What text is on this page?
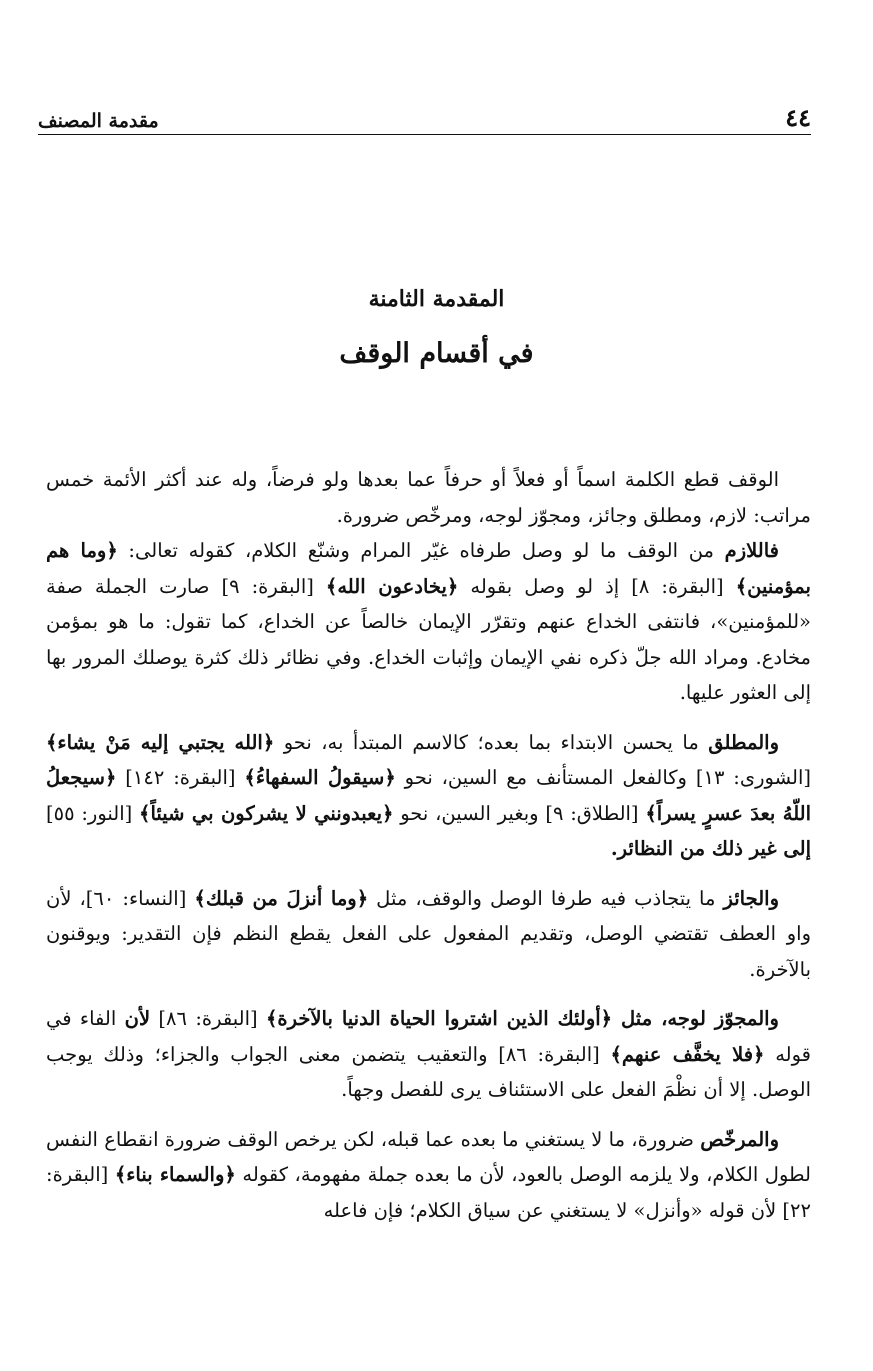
٤٤
مقدمة المصنف
المقدمة الثامنة
في أقسام الوقف

الوقف قطع الكلمة اسماً أو فعلاً أو حرفاً عما بعدها ولو فرضاً، وله عند أكثر الأئمة خمس مراتب: لازم، ومطلق وجائز، ومجوّز لوجه، ومرخّص ضرورة.

فاللازم من الوقف ما لو وصل طرفاه غيّر المرام وشنّع الكلام، كقوله تعالى: ﴿وما هم بمؤمنين﴾ [البقرة: ٨] إذ لو وصل بقوله ﴿يخادعون الله﴾ [البقرة: ٩] صارت الجملة صفة «للمؤمنين»، فانتفى الخداع عنهم وتقرّر الإيمان خالصاً عن الخداع، كما تقول: ما هو بمؤمن مخادع. ومراد الله جلّ ذكره نفي الإيمان وإثبات الخداع. وفي نظائر ذلك كثرة يوصلك المرور بها إلى العثور عليها.

والمطلق ما يحسن الابتداء بما بعده؛ كالاسم المبتدأ به، نحو ﴿الله يجتبي إليه مَنْ يشاء﴾ [الشورى: ١٣] وكالفعل المستأنف مع السين، نحو ﴿سيقولُ السفهاءُ﴾ [البقرة: ١٤٢] ﴿سيجعلُ اللّهُ بعدَ عسرٍ يسراً﴾ [الطلاق: ٩] وبغير السين، نحو ﴿يعبدونني لا يشركون بي شيئاً﴾ [النور: ٥٥] إلى غير ذلك من النظائر.

والجائز ما يتجاذب فيه طرفا الوصل والوقف، مثل ﴿وما أنزلَ من قبلك﴾ [النساء: ٦٠]، لأن واو العطف تقتضي الوصل، وتقديم المفعول على الفعل يقطع النظم فإن التقدير: ويوقنون بالآخرة.

والمجوّز لوجه، مثل ﴿أولئك الذين اشتروا الحياة الدنيا بالآخرة﴾ [البقرة: ٨٦] لأن الفاء في قوله ﴿فلا يخفَّف عنهم﴾ [البقرة: ٨٦] والتعقيب يتضمن معنى الجواب والجزاء؛ وذلك يوجب الوصل. إلا أن نظْمَ الفعل على الاستئناف يرى للفصل وجهاً.

والمرخّص ضرورة، ما لا يستغني ما بعده عما قبله، لكن يرخص الوقف ضرورة انقطاع النفس لطول الكلام، ولا يلزمه الوصل بالعود، لأن ما بعده جملة مفهومة، كقوله ﴿والسماء بناء﴾ [البقرة: ٢٢] لأن قوله «وأنزل» لا يستغني عن سياق الكلام؛ فإن فاعله
